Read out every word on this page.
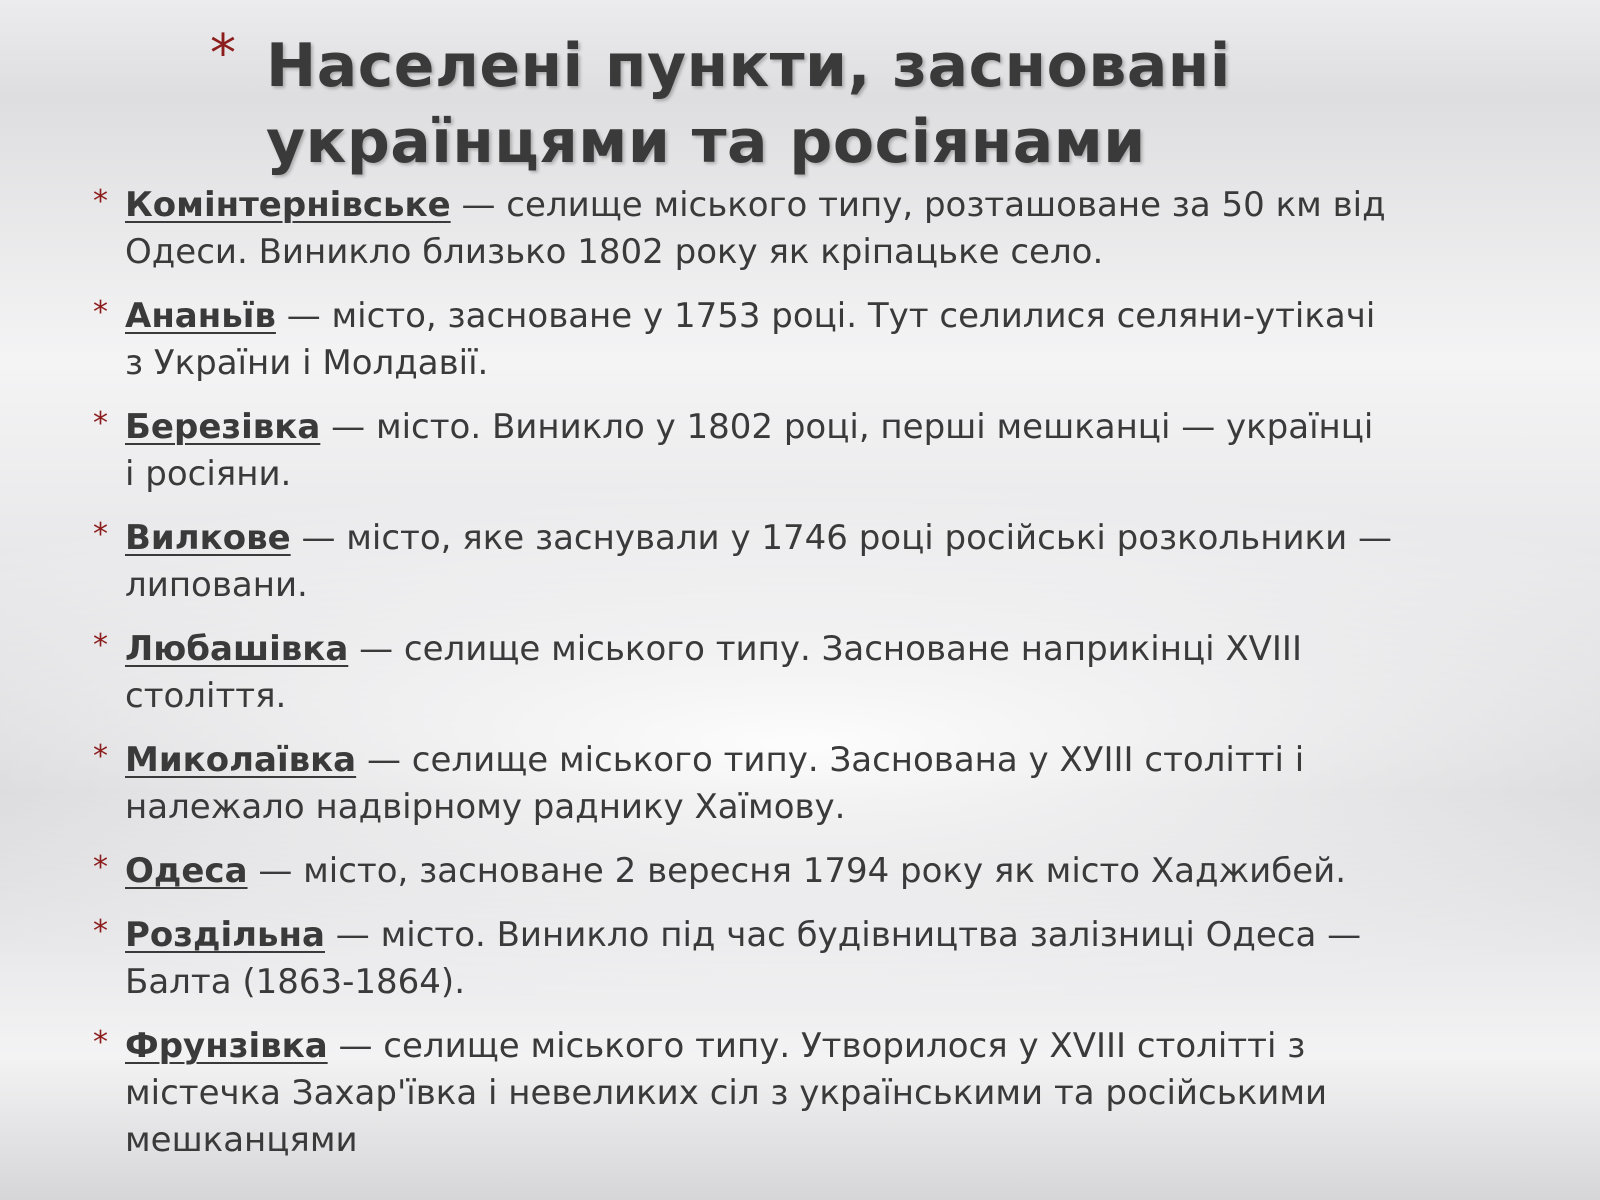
* Населені пункти, засновані українцями та росіянами
* Комінтернівське — селище міського типу, розташоване за 50 км від Одеси. Виникло близько 1802 року як кріпацьке село.
* Ананьїв — місто, засноване у 1753 році. Тут селилися селяни-утікачі з України і Молдавії.
* Березівка — місто. Виникло у 1802 році, перші мешканці — українці і росіяни.
* Вилкове — місто, яке заснували у 1746 році російські розкольники — липовани.
* Любашівка — селище міського типу. Засноване наприкінці XVIII століття.
* Миколаївка — селище міського типу. Заснована у ХУІІІ столітті і належало надвірному раднику Хаїмову.
* Одеса — місто, засноване 2 вересня 1794 року як місто Хаджибей.
* Роздільна — місто. Виникло під час будівництва залізниці Одеса — Балта (1863-1864).
* Фрунзівка — селище міського типу. Утворилося у XVIII столітті з містечка Захар'ївка і невеликих сіл з українськими та російськими мешканцями
